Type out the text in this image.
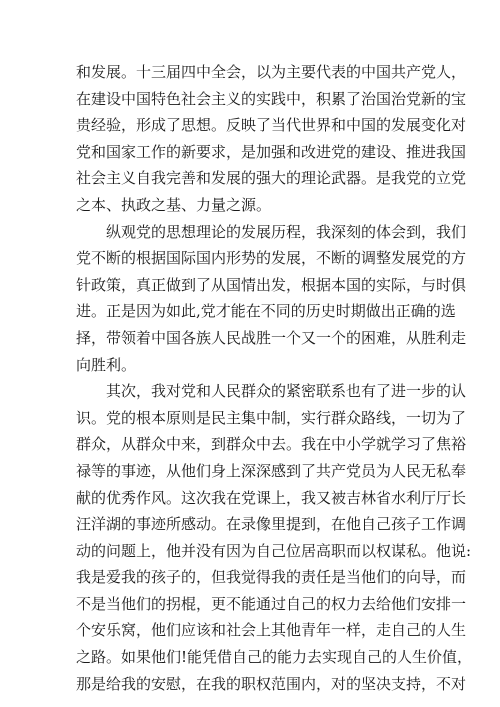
和发展。十三届四中全会，以为主要代表的中国共产党人，
在建设中国特色社会主义的实践中，积累了治国治党新的宝
贵经验，形成了思想。反映了当代世界和中国的发展变化对
党和国家工作的新要求，是加强和改进党的建设、推进我国
社会主义自我完善和发展的强大的理论武器。是我党的立党
之本、执政之基、力量之源。
　　纵观党的思想理论的发展历程，我深刻的体会到，我们
党不断的根据国际国内形势的发展，不断的调整发展党的方
针政策，真正做到了从国情出发，根据本国的实际，与时俱
进。正是因为如此,党才能在不同的历史时期做出正确的选
择，带领着中国各族人民战胜一个又一个的困难，从胜利走
向胜利。
　　其次，我对党和人民群众的紧密联系也有了进一步的认
识。党的根本原则是民主集中制，实行群众路线，一切为了
群众，从群众中来，到群众中去。我在中小学就学习了焦裕
禄等的事迹，从他们身上深深感到了共产党员为人民无私奉
献的优秀作风。这次我在党课上，我又被吉林省水利厅厅长
汪洋湖的事迹所感动。在录像里提到，在他自己孩子工作调
动的问题上，他并没有因为自己位居高职而以权谋私。他说:
我是爱我的孩子的，但我觉得我的责任是当他们的向导，而
不是当他们的拐棍，更不能通过自己的权力去给他们安排一
个安乐窝，他们应该和社会上其他青年一样，走自己的人生
之路。如果他们!能凭借自己的能力去实现自己的人生价值，
那是给我的安慰，在我的职权范围内，对的坚决支持，不对
